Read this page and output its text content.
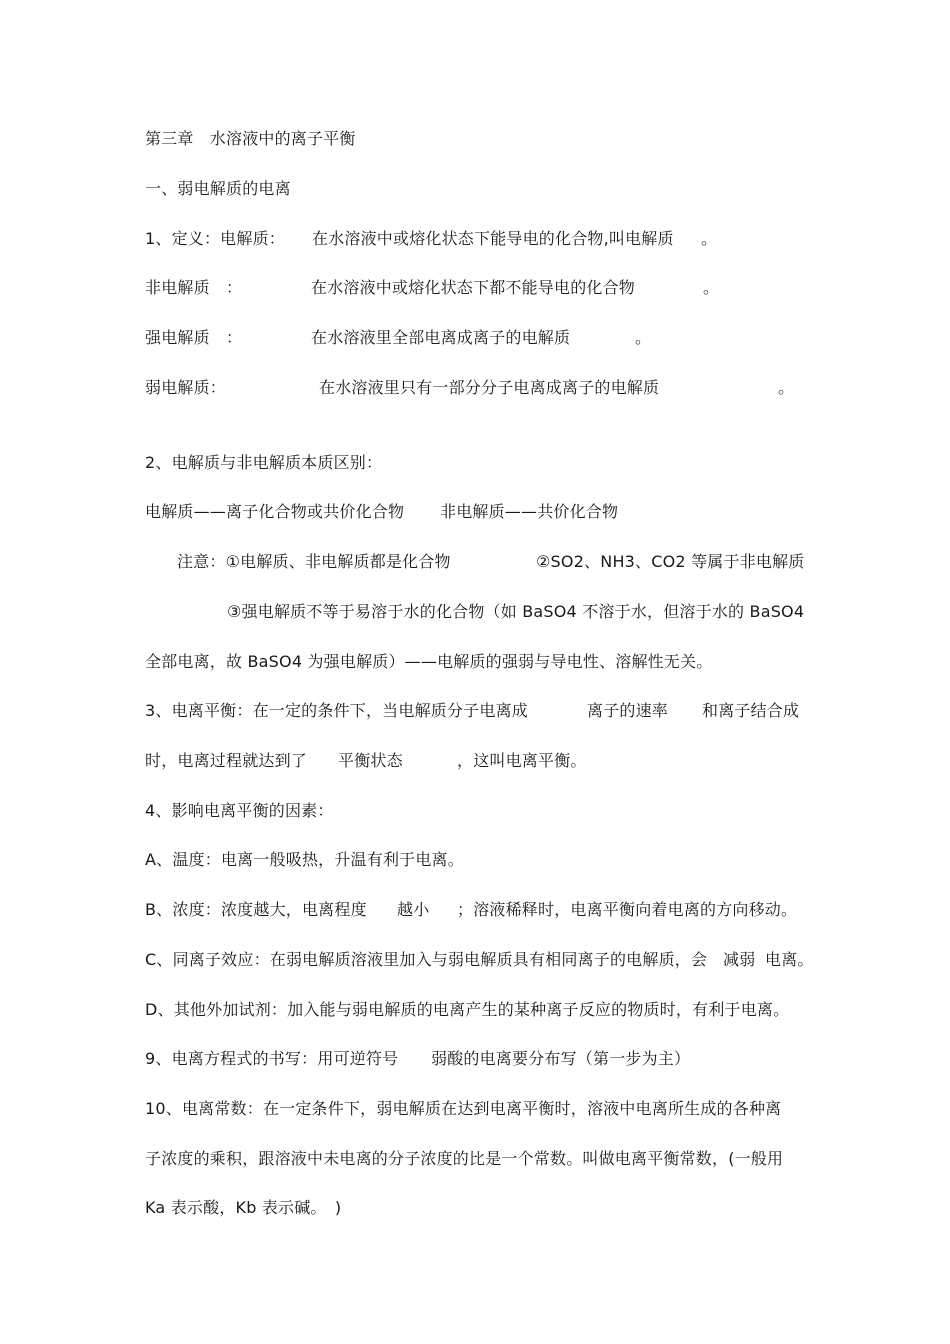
第三章　水溶液中的离子平衡
一、弱电解质的电离
1、定义：电解质： 在水溶液中或熔化状态下能导电的化合物,叫电解质 。
非电解质　：	在水溶液中或熔化状态下都不能导电的化合物	。
强电解质　：	在水溶液里全部电离成离子的电解质	。
弱电解质：	在水溶液里只有一部分分子电离成离子的电解质	。
2、电解质与非电解质本质区别：
电解质——离子化合物或共价化合物 非电解质——共价化合物
注意：①电解质、非电解质都是化合物	②SO2、NH3、CO2 等属于非电解质
③强电解质不等于易溶于水的化合物（如 BaSO4 不溶于水，但溶于水的 BaSO4
全部电离，故 BaSO4 为强电解质）——电解质的强弱与导电性、溶解性无关。
3、电离平衡：在一定的条件下，当电解质分子电离成	离子的速率 和离子结合成
时，电离过程就达到了 平衡状态	，这叫电离平衡。
4、影响电离平衡的因素：
A、温度：电离一般吸热，升温有利于电离。
B、浓度：浓度越大，电离程度 越小 ；溶液稀释时，电离平衡向着电离的方向移动。
C、同离子效应：在弱电解质溶液里加入与弱电解质具有相同离子的电解质，会 减弱 电离。
D、其他外加试剂：加入能与弱电解质的电离产生的某种离子反应的物质时，有利于电离。
9、电离方程式的书写：用可逆符号 弱酸的电离要分布写（第一步为主）
10、电离常数：在一定条件下，弱电解质在达到电离平衡时，溶液中电离所生成的各种离
子浓度的乘积，跟溶液中未电离的分子浓度的比是一个常数。叫做电离平衡常数，(一般用
Ka 表示酸，Kb 表示碱。　)
